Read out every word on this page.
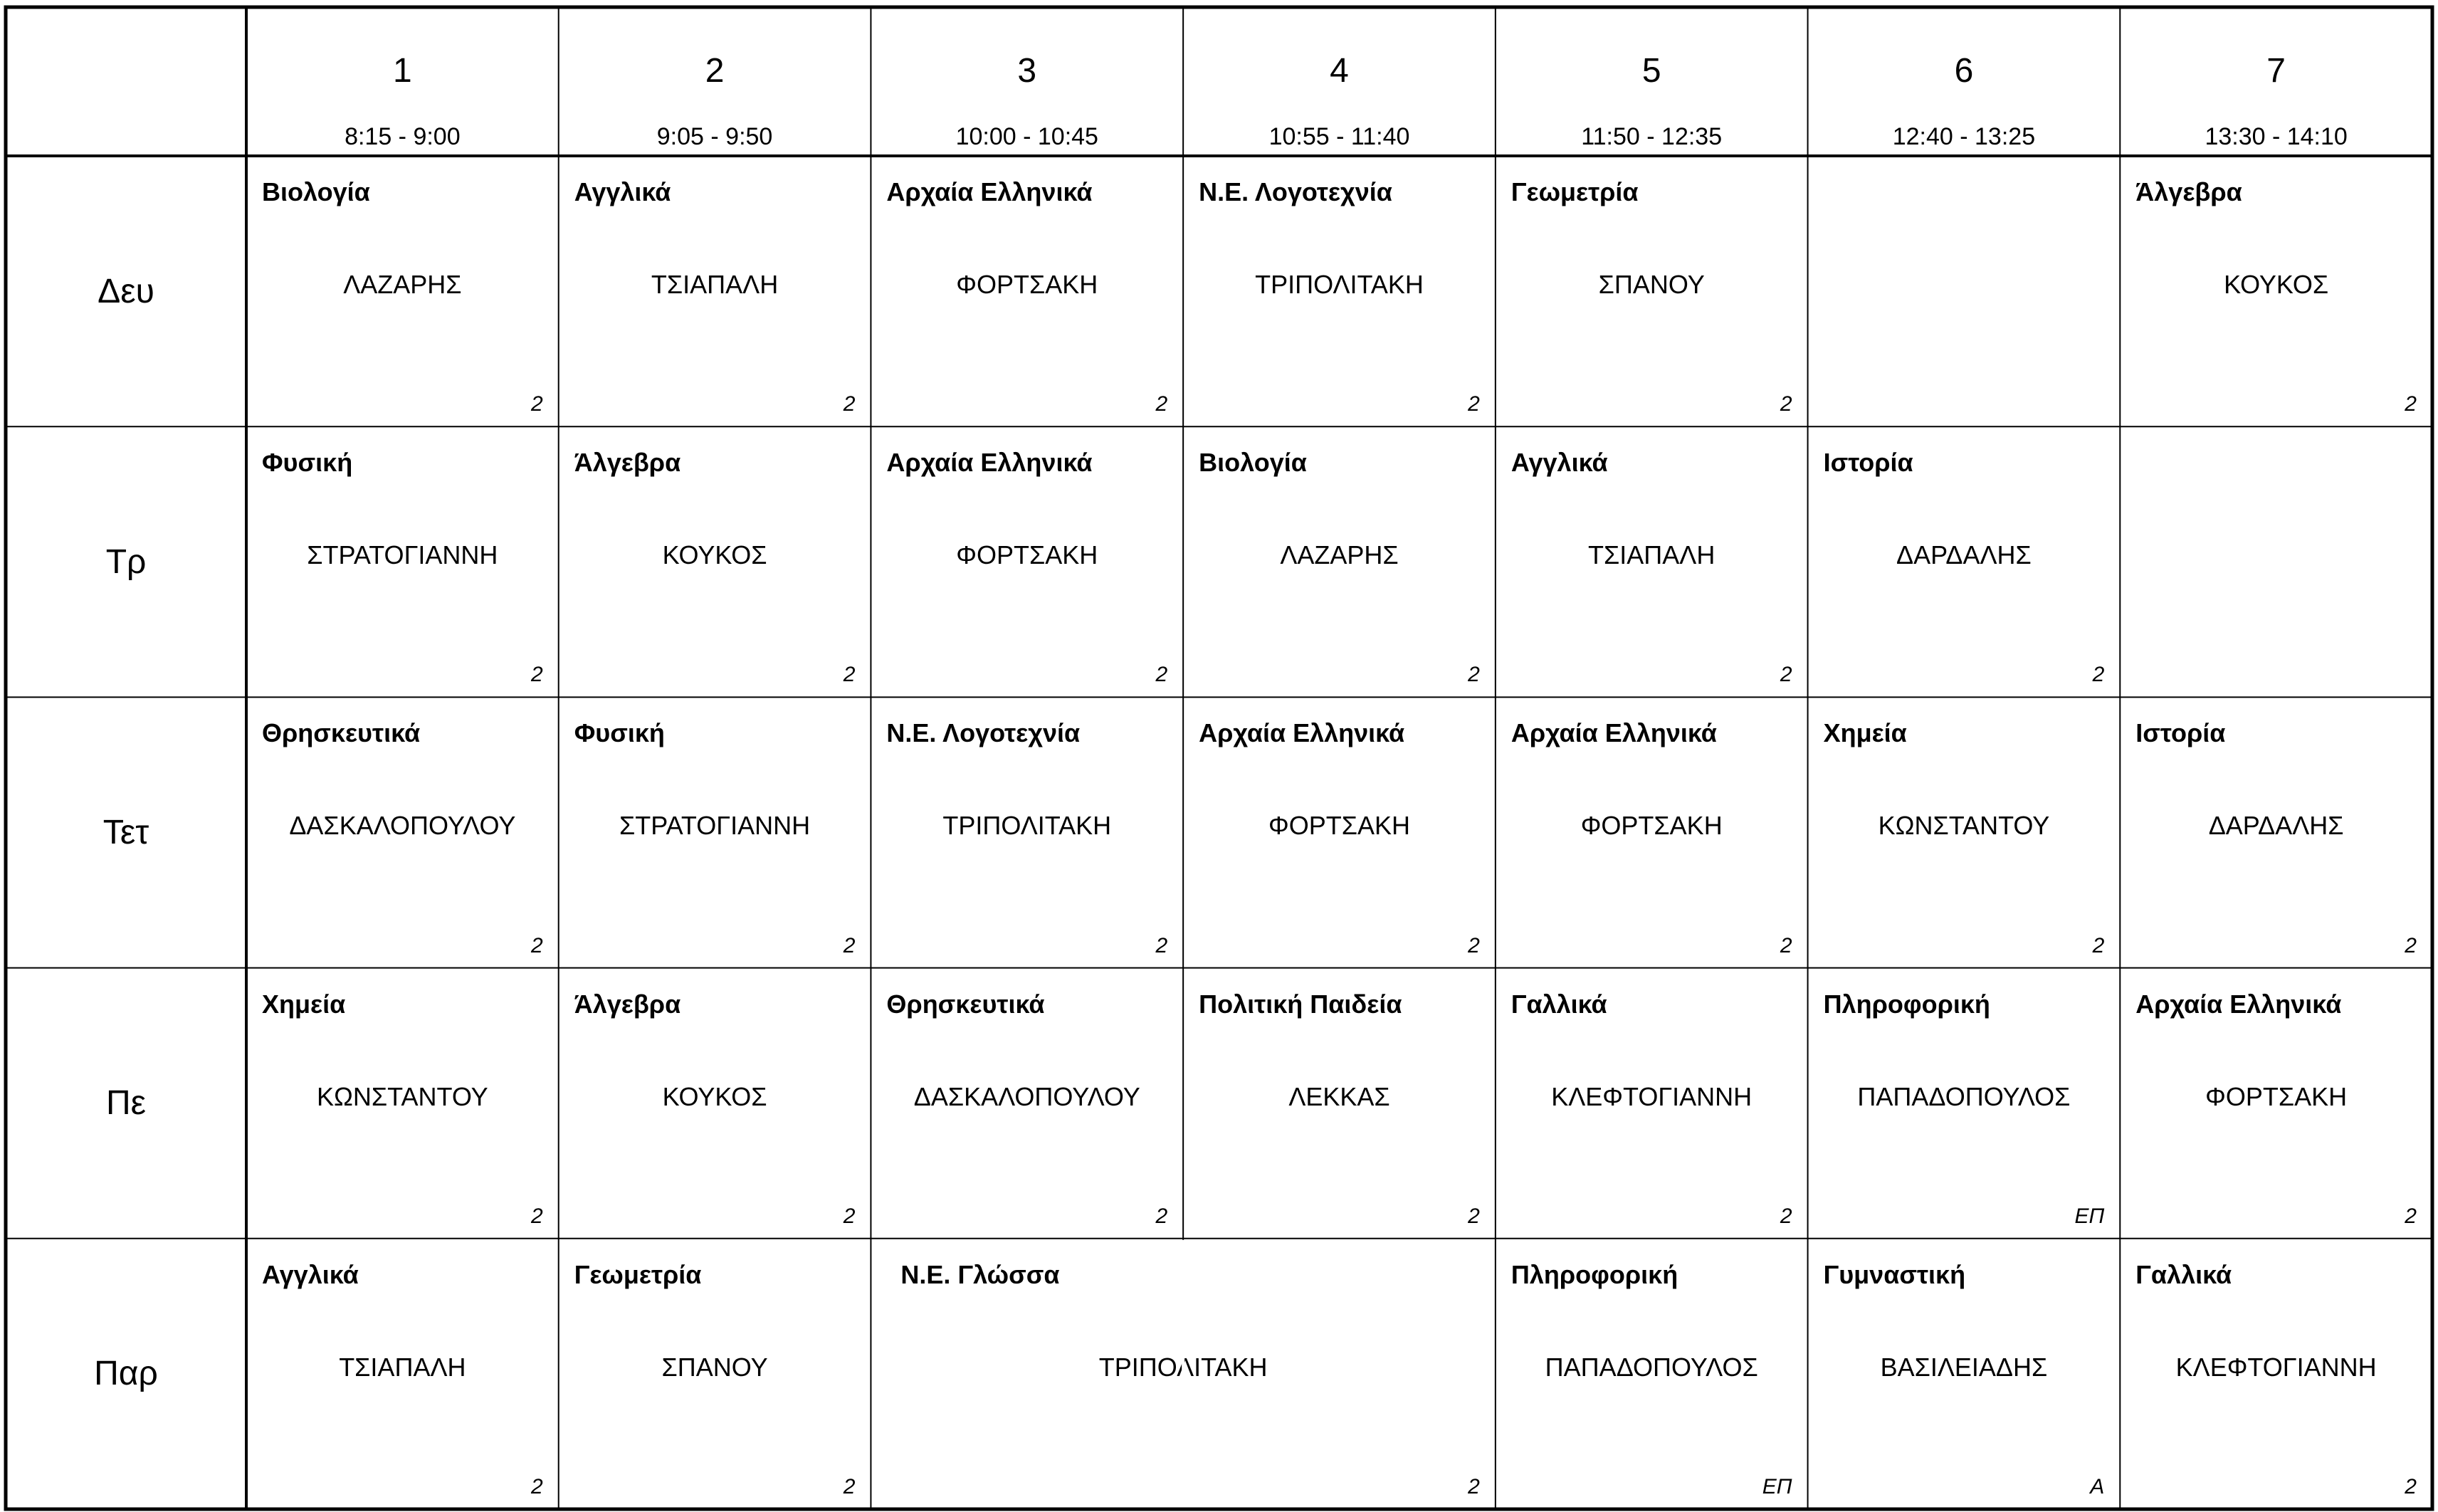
1
8:15 - 9:00
2
9:05 - 9:50
3
10:00 - 10:45
4
10:55 - 11:40
5
11:50 - 12:35
6
12:40 - 13:25
7
13:30 - 14:10
Δευ
Βιολογία
ΛΑΖΑΡΗΣ
2
Αγγλικά
ΤΣΙΑΠΑΛΗ
2
Αρχαία Ελληνικά
ΦΟΡΤΣΑΚΗ
2
Ν.Ε. Λογοτεχνία
ΤΡΙΠΟΛΙΤΑΚΗ
2
Γεωμετρία
ΣΠΑΝΟΥ
2
Άλγεβρα
ΚΟΥΚΟΣ
2
Τρ
Φυσική
ΣΤΡΑΤΟΓΙΑΝΝΗ
2
Άλγεβρα
ΚΟΥΚΟΣ
2
Αρχαία Ελληνικά
ΦΟΡΤΣΑΚΗ
2
Βιολογία
ΛΑΖΑΡΗΣ
2
Αγγλικά
ΤΣΙΑΠΑΛΗ
2
Ιστορία
ΔΑΡΔΑΛΗΣ
2
Τετ
Θρησκευτικά
ΔΑΣΚΑΛΟΠΟΥΛΟΥ
2
Φυσική
ΣΤΡΑΤΟΓΙΑΝΝΗ
2
Ν.Ε. Λογοτεχνία
ΤΡΙΠΟΛΙΤΑΚΗ
2
Αρχαία Ελληνικά
ΦΟΡΤΣΑΚΗ
2
Αρχαία Ελληνικά
ΦΟΡΤΣΑΚΗ
2
Χημεία
ΚΩΝΣΤΑΝΤΟΥ
2
Ιστορία
ΔΑΡΔΑΛΗΣ
2
Πε
Χημεία
ΚΩΝΣΤΑΝΤΟΥ
2
Άλγεβρα
ΚΟΥΚΟΣ
2
Θρησκευτικά
ΔΑΣΚΑΛΟΠΟΥΛΟΥ
2
Πολιτική Παιδεία
ΛΕΚΚΑΣ
2
Γαλλικά
ΚΛΕΦΤΟΓΙΑΝΝΗ
2
Πληροφορική
ΠΑΠΑΔΟΠΟΥΛΟΣ
ΕΠ
Αρχαία Ελληνικά
ΦΟΡΤΣΑΚΗ
2
Παρ
Αγγλικά
ΤΣΙΑΠΑΛΗ
2
Γεωμετρία
ΣΠΑΝΟΥ
2
Ν.Ε. Γλώσσα
ΤΡΙΠΟΛΙΤΑΚΗ
2
Πληροφορική
ΠΑΠΑΔΟΠΟΥΛΟΣ
ΕΠ
Γυμναστική
ΒΑΣΙΛΕΙΑΔΗΣ
Α
Γαλλικά
ΚΛΕΦΤΟΓΙΑΝΝΗ
2
